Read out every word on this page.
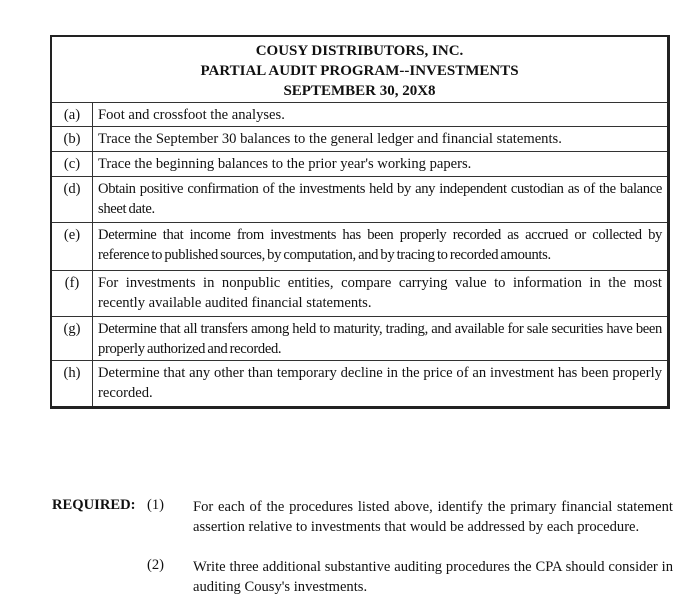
COUSY DISTRIBUTORS, INC.
PARTIAL AUDIT PROGRAM--INVESTMENTS
SEPTEMBER 30, 20X8
(a)	Foot and crossfoot the analyses.
(b)	Trace the September 30 balances to the general ledger and financial statements.
(c)	Trace the beginning balances to the prior year's working papers.
(d)	Obtain positive confirmation of the investments held by any independent custodian as of the balance sheet date.
(e)	Determine that income from investments has been properly recorded as accrued or collected by reference to published sources, by computation, and by tracing to recorded amounts.
(f)	For investments in nonpublic entities, compare carrying value to information in the most recently available audited financial statements.
(g)	Determine that all transfers among held to maturity, trading, and available for sale securities have been properly authorized and recorded.
(h)	Determine that any other than temporary decline in the price of an investment has been properly recorded.
REQUIRED: (1)	For each of the procedures listed above, identify the primary financial statement assertion relative to investments that would be addressed by each procedure.
(2)	Write three additional substantive auditing procedures the CPA should consider in auditing Cousy's investments.
